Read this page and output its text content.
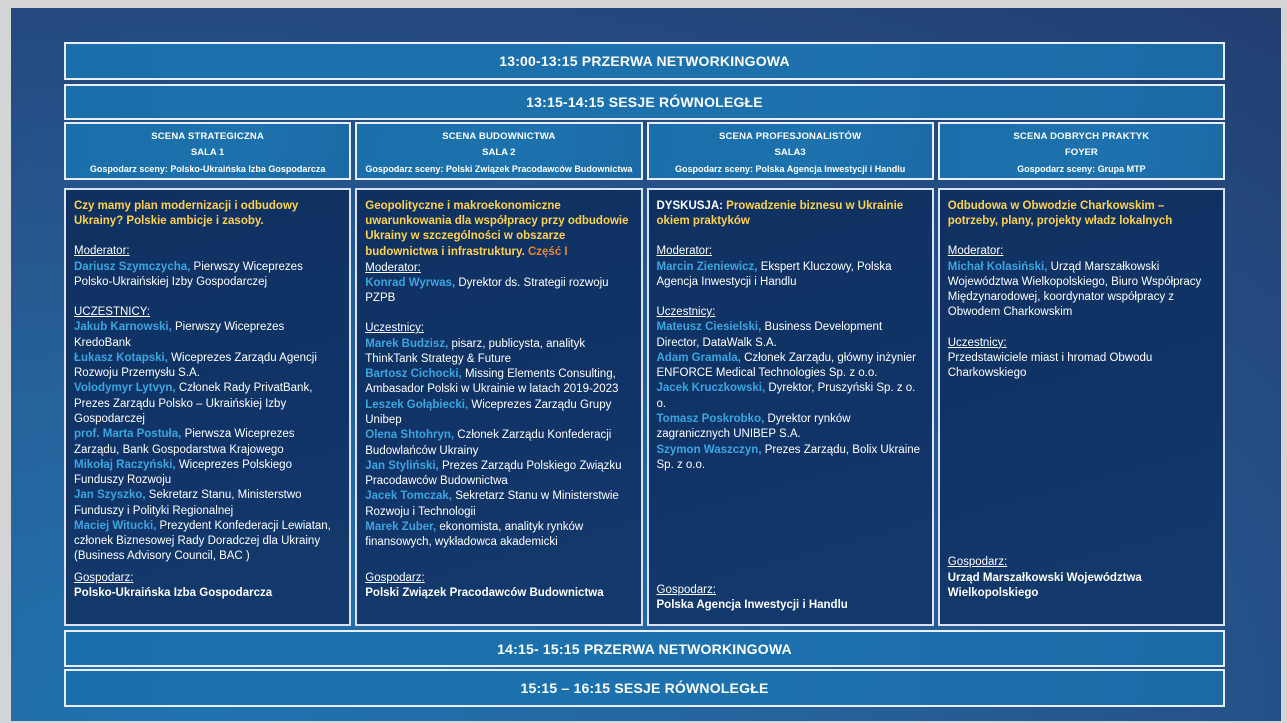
13:00-13:15 PRZERWA NETWORKINGOWA
13:15-14:15 SESJE RÓWNOLEGŁE
SCENA STRATEGICZNA
SALA 1
Gospodarz sceny: Polsko-Ukraińska Izba Gospodarcza
SCENA BUDOWNICTWA
SALA 2
Gospodarz sceny: Polski Związek Pracodawców Budownictwa
SCENA PROFESJONALISTÓW
SALA3
Gospodarz sceny: Polska Agencja Inwestycji i Handlu
SCENA DOBRYCH PRAKTYK
FOYER
Gospodarz sceny: Grupa MTP
Czy mamy plan modernizacji i odbudowy Ukrainy? Polskie ambicje i zasoby.
Moderator:
Dariusz Szymczycha, Pierwszy Wiceprezes Polsko-Ukraińskiej Izby Gospodarczej
UCZESTNICY:
Jakub Karnowski, Pierwszy Wiceprezes KredoBank
Łukasz Kotapski, Wiceprezes Zarządu Agencji Rozwoju Przemysłu S.A.
Volodymyr Lytvyn, Członek Rady PrivatBank, Prezes Zarządu Polsko – Ukraińskiej Izby Gospodarczej
prof. Marta Postuła, Pierwsza Wiceprezes Zarządu, Bank Gospodarstwa Krajowego
Mikołaj Raczyński, Wiceprezes Polskiego Funduszy Rozwoju
Jan Szyszko, Sekretarz Stanu, Ministerstwo Funduszy i Polityki Regionalnej
Maciej Witucki, Prezydent Konfederacji Lewiatan, członek Biznesowej Rady Doradczej dla Ukrainy (Business Advisory Council, BAC )
Gospodarz:
Polsko-Ukraińska Izba Gospodarcza
Geopolityczne i makroekonomiczne uwarunkowania dla współpracy przy odbudowie Ukrainy w szczególności w obszarze budownictwa i infrastruktury. Część I
Moderator:
Konrad Wyrwas, Dyrektor ds. Strategii rozwoju PZPB
Uczestnicy:
Marek Budzisz, pisarz, publicysta, analityk ThinkTank Strategy & Future
Bartosz Cichocki, Missing Elements Consulting, Ambasador Polski w Ukrainie w latach 2019-2023
Leszek Gołąbiecki, Wiceprezes Zarządu Grupy Unibep
Olena Shtohryn, Członek Zarządu Konfederacji Budowlańców Ukrainy
Jan Styliński, Prezes Zarządu Polskiego Związku Pracodawców Budownictwa
Jacek Tomczak, Sekretarz Stanu w Ministerstwie Rozwoju i Technologii
Marek Zuber, ekonomista, analityk rynków finansowych, wykładowca akademicki
Gospodarz:
Polski Związek Pracodawców Budownictwa
DYSKUSJA: Prowadzenie biznesu w Ukrainie okiem praktyków
Moderator:
Marcin Zieniewicz, Ekspert Kluczowy, Polska Agencja Inwestycji i Handlu
Uczestnicy:
Mateusz Ciesielski, Business Development Director, DataWalk S.A.
Adam Gramala, Członek Zarządu, główny inżynier ENFORCE Medical Technologies Sp. z o.o.
Jacek Kruczkowski, Dyrektor, Pruszyński Sp. z o. o.
Tomasz Poskrobko, Dyrektor rynków zagranicznych UNIBEP S.A.
Szymon Waszczyn, Prezes Zarządu, Bolix Ukraine Sp. z o.o.
Gospodarz:
Polska Agencja Inwestycji i Handlu
Odbudowa w Obwodzie Charkowskim – potrzeby, plany, projekty władz lokalnych
Moderator:
Michał Kolasiński, Urząd Marszałkowski Województwa Wielkopolskiego, Biuro Współpracy Międzynarodowej, koordynator współpracy z Obwodem Charkowskim
Uczestnicy:
Przedstawiciele miast i hromad Obwodu Charkowskiego
Gospodarz:
Urząd Marszałkowski Województwa Wielkopolskiego
14:15- 15:15 PRZERWA NETWORKINGOWA
15:15 – 16:15 SESJE RÓWNOLEGŁE
